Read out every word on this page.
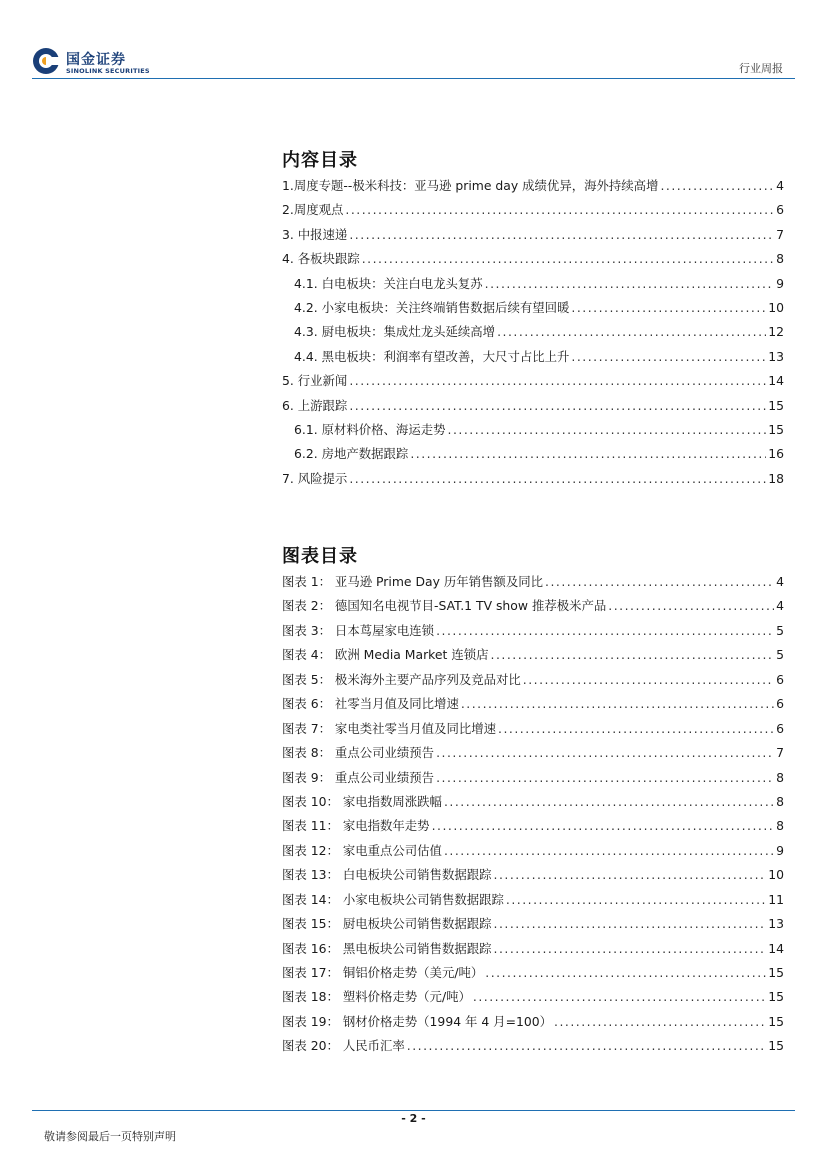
国金证券
SINOLINK SECURITIES	行业周报
内容目录
1.周度专题--极米科技：亚马逊 prime day 成绩优异，海外持续高增 .....	4
2.周度观点 .....	6
3. 中报速递 .....	7
4. 各板块跟踪 .....	8
4.1. 白电板块：关注白电龙头复苏 .....	9
4.2. 小家电板块：关注终端销售数据后续有望回暖 .....	10
4.3. 厨电板块：集成灶龙头延续高增 .....	12
4.4. 黑电板块：利润率有望改善，大尺寸占比上升 .....	13
5. 行业新闻 .....	14
6. 上游跟踪 .....	15
6.1. 原材料价格、海运走势 .....	15
6.2. 房地产数据跟踪 .....	16
7. 风险提示 .....	18
图表目录
图表 1： 亚马逊 Prime Day 历年销售额及同比 .....	4
图表 2： 德国知名电视节目-SAT.1 TV show 推荐极米产品 .....	4
图表 3： 日本茑屋家电连锁 .....	5
图表 4： 欧洲 Media Market 连锁店 .....	5
图表 5： 极米海外主要产品序列及竞品对比 .....	6
图表 6： 社零当月值及同比增速 .....	6
图表 7： 家电类社零当月值及同比增速 .....	6
图表 8： 重点公司业绩预告 .....	7
图表 9： 重点公司业绩预告 .....	8
图表 10： 家电指数周涨跌幅 .....	8
图表 11： 家电指数年走势 .....	8
图表 12： 家电重点公司估值 .....	9
图表 13： 白电板块公司销售数据跟踪 .....	10
图表 14： 小家电板块公司销售数据跟踪 .....	11
图表 15： 厨电板块公司销售数据跟踪 .....	13
图表 16： 黑电板块公司销售数据跟踪 .....	14
图表 17： 铜铝价格走势（美元/吨） .....	15
图表 18： 塑料价格走势（元/吨） .....	15
图表 19： 钢材价格走势（1994 年 4 月=100） .....	15
图表 20： 人民币汇率 .....	15
- 2 -
敬请参阅最后一页特别声明
